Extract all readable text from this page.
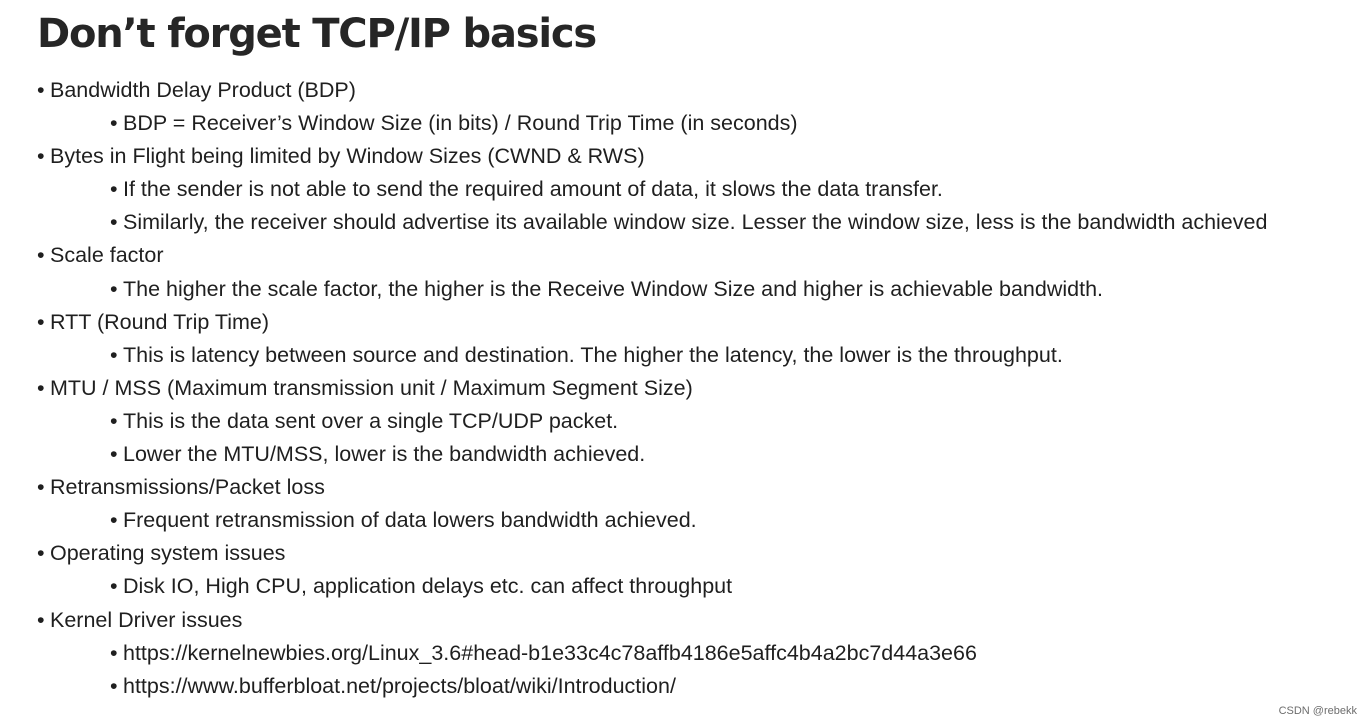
Don’t forget TCP/IP basics
• Bandwidth Delay Product (BDP)
• BDP = Receiver’s Window Size (in bits) / Round Trip Time (in seconds)
• Bytes in Flight being limited by Window Sizes (CWND & RWS)
• If the sender is not able to send the required amount of data, it slows the data transfer.
• Similarly, the receiver should advertise its available window size. Lesser the window size, less is the bandwidth achieved
• Scale factor
• The higher the scale factor, the higher is the Receive Window Size and higher is achievable bandwidth.
• RTT (Round Trip Time)
• This is latency between source and destination. The higher the latency, the lower is the throughput.
• MTU / MSS (Maximum transmission unit / Maximum Segment Size)
• This is the data sent over a single TCP/UDP packet.
• Lower the MTU/MSS, lower is the bandwidth achieved.
• Retransmissions/Packet loss
• Frequent retransmission of data lowers bandwidth achieved.
• Operating system issues
• Disk IO, High CPU, application delays etc. can affect throughput
• Kernel Driver issues
• https://kernelnewbies.org/Linux_3.6#head-b1e33c4c78affb4186e5affc4b4a2bc7d44a3e66
• https://www.bufferbloat.net/projects/bloat/wiki/Introduction/
CSDN @rebekk
